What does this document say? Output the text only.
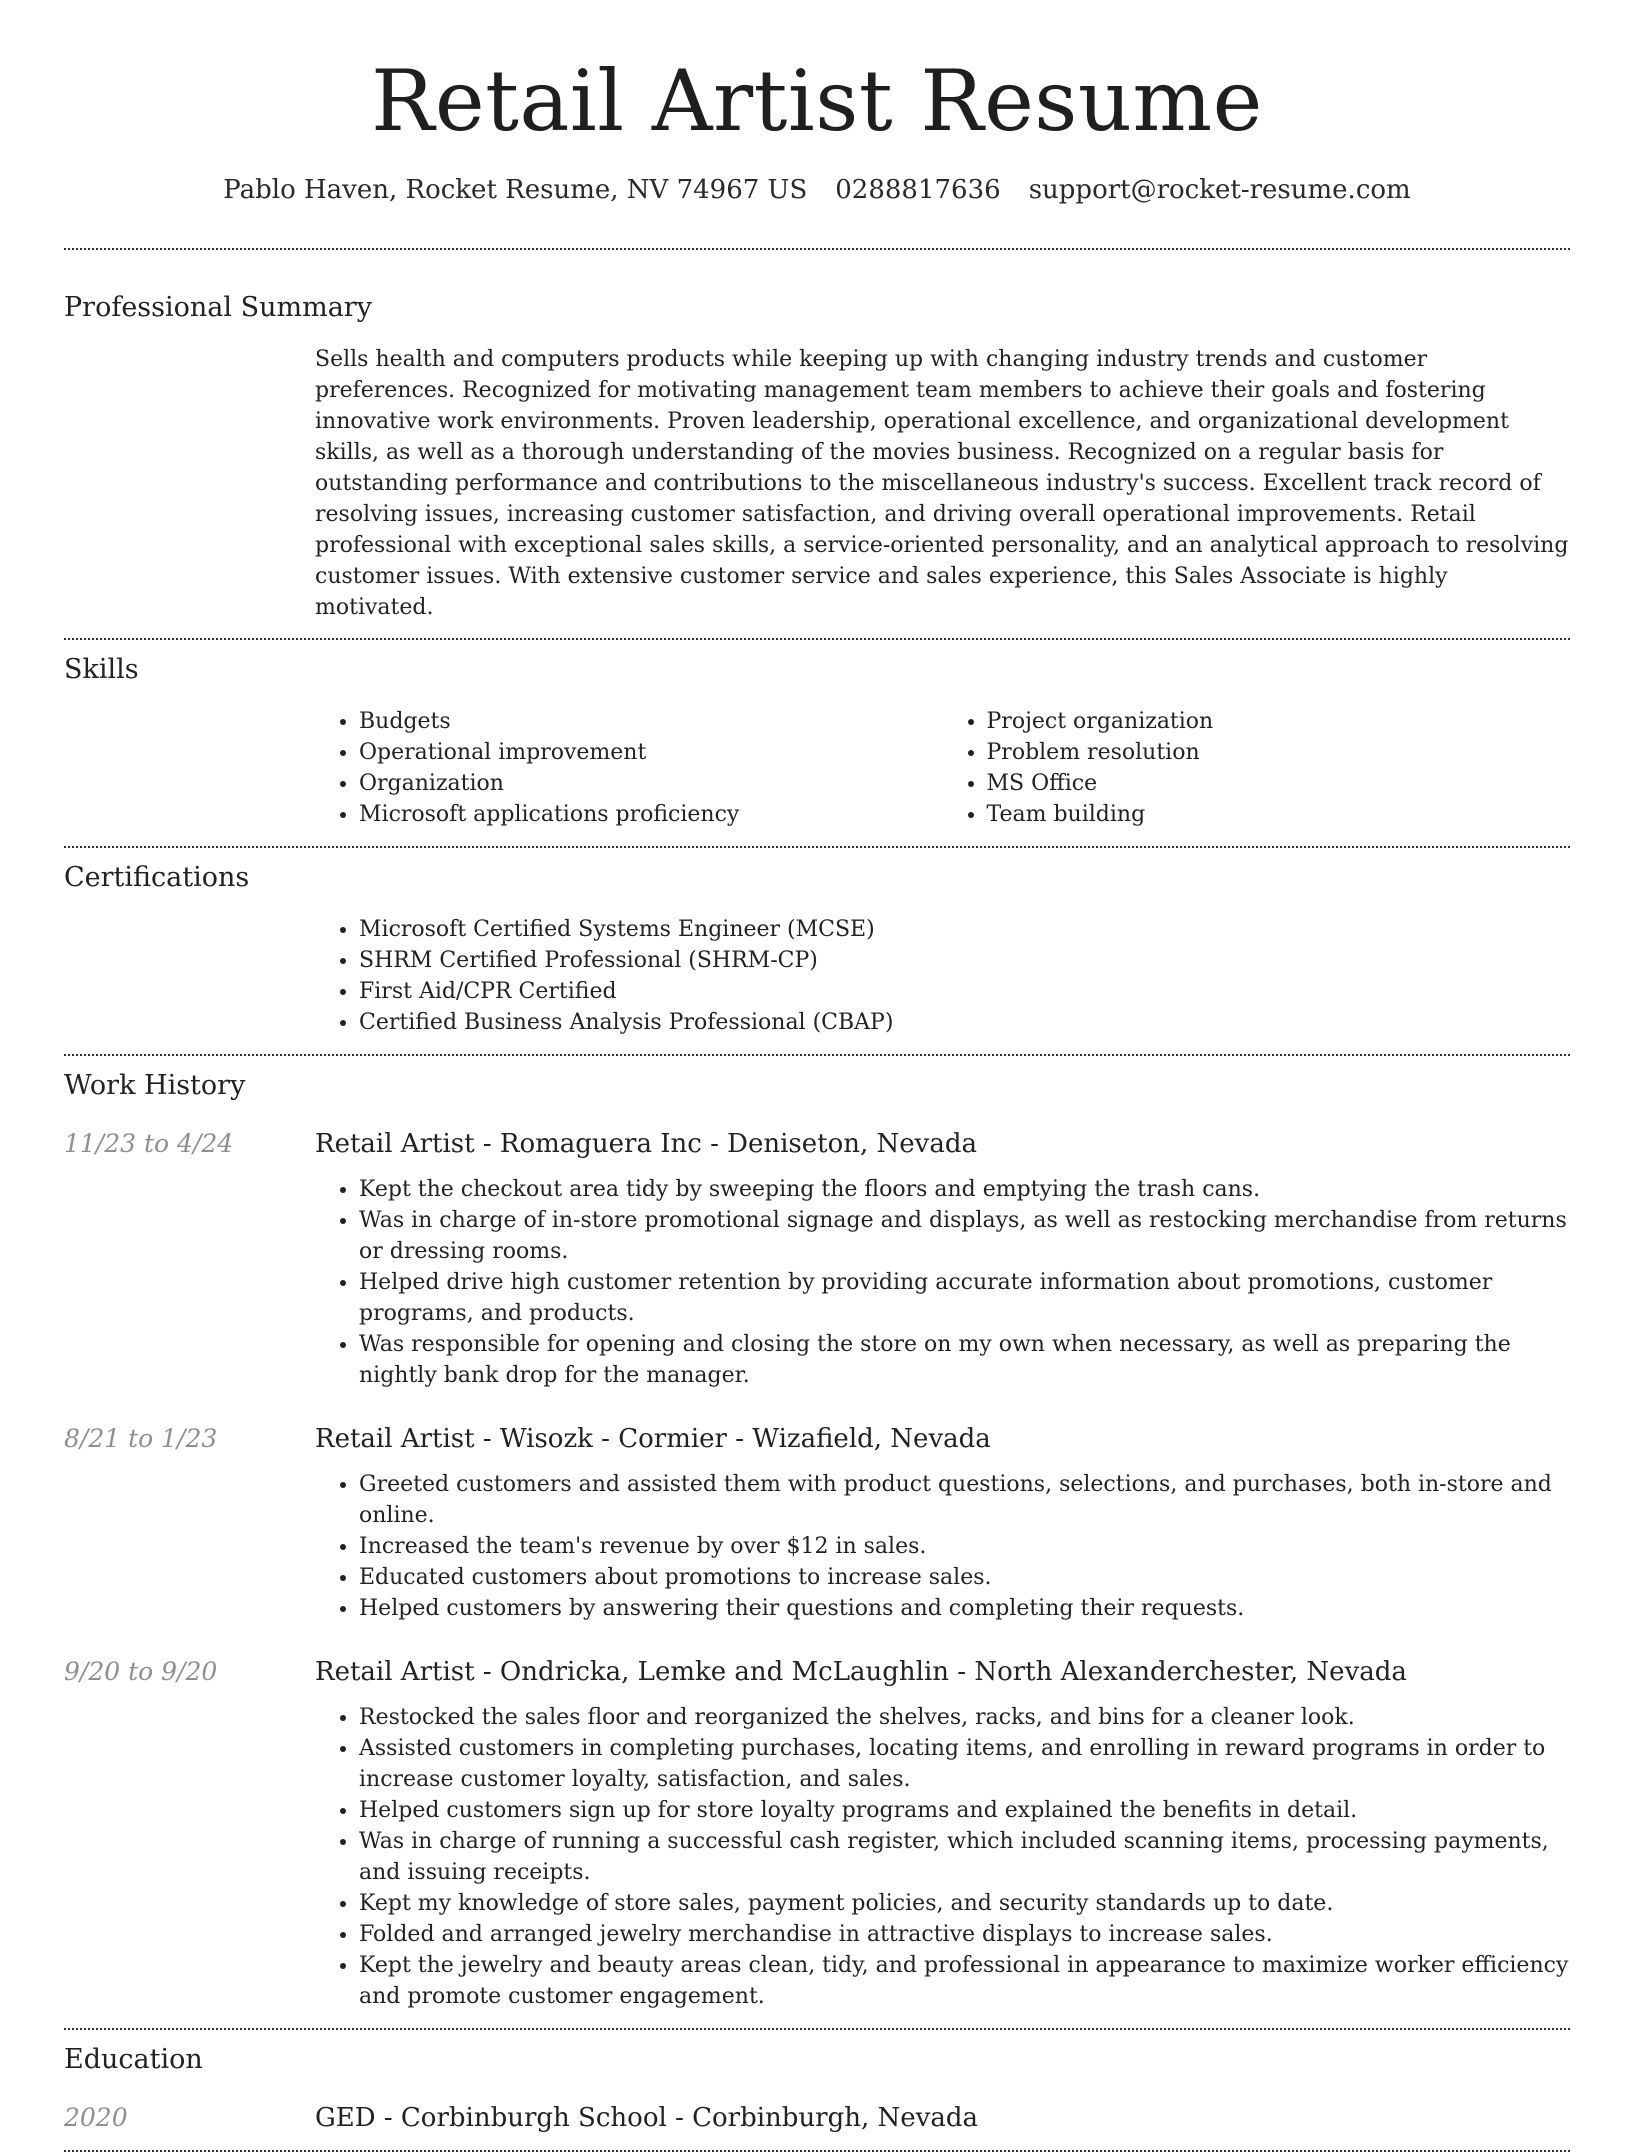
Retail Artist Resume
Pablo Haven, Rocket Resume, NV 74967 US 0288817636 support@rocket-resume.com
Professional Summary
Sells health and computers products while keeping up with changing industry trends and customer preferences. Recognized for motivating management team members to achieve their goals and fostering innovative work environments. Proven leadership, operational excellence, and organizational development skills, as well as a thorough understanding of the movies business. Recognized on a regular basis for outstanding performance and contributions to the miscellaneous industry's success. Excellent track record of resolving issues, increasing customer satisfaction, and driving overall operational improvements. Retail professional with exceptional sales skills, a service-oriented personality, and an analytical approach to resolving customer issues. With extensive customer service and sales experience, this Sales Associate is highly motivated.
Skills
• Budgets
• Operational improvement
• Organization
• Microsoft applications proficiency
• Project organization
• Problem resolution
• MS Office
• Team building
Certifications
• Microsoft Certified Systems Engineer (MCSE)
• SHRM Certified Professional (SHRM-CP)
• First Aid/CPR Certified
• Certified Business Analysis Professional (CBAP)
Work History
11/23 to 4/24	Retail Artist - Romaguera Inc - Deniseton, Nevada
• Kept the checkout area tidy by sweeping the floors and emptying the trash cans.
• Was in charge of in-store promotional signage and displays, as well as restocking merchandise from returns or dressing rooms.
• Helped drive high customer retention by providing accurate information about promotions, customer programs, and products.
• Was responsible for opening and closing the store on my own when necessary, as well as preparing the nightly bank drop for the manager.
8/21 to 1/23	Retail Artist - Wisozk - Cormier - Wizafield, Nevada
• Greeted customers and assisted them with product questions, selections, and purchases, both in-store and online.
• Increased the team's revenue by over $12 in sales.
• Educated customers about promotions to increase sales.
• Helped customers by answering their questions and completing their requests.
9/20 to 9/20	Retail Artist - Ondricka, Lemke and McLaughlin - North Alexanderchester, Nevada
• Restocked the sales floor and reorganized the shelves, racks, and bins for a cleaner look.
• Assisted customers in completing purchases, locating items, and enrolling in reward programs in order to increase customer loyalty, satisfaction, and sales.
• Helped customers sign up for store loyalty programs and explained the benefits in detail.
• Was in charge of running a successful cash register, which included scanning items, processing payments, and issuing receipts.
• Kept my knowledge of store sales, payment policies, and security standards up to date.
• Folded and arranged jewelry merchandise in attractive displays to increase sales.
• Kept the jewelry and beauty areas clean, tidy, and professional in appearance to maximize worker efficiency and promote customer engagement.
Education
2020	GED - Corbinburgh School - Corbinburgh, Nevada
